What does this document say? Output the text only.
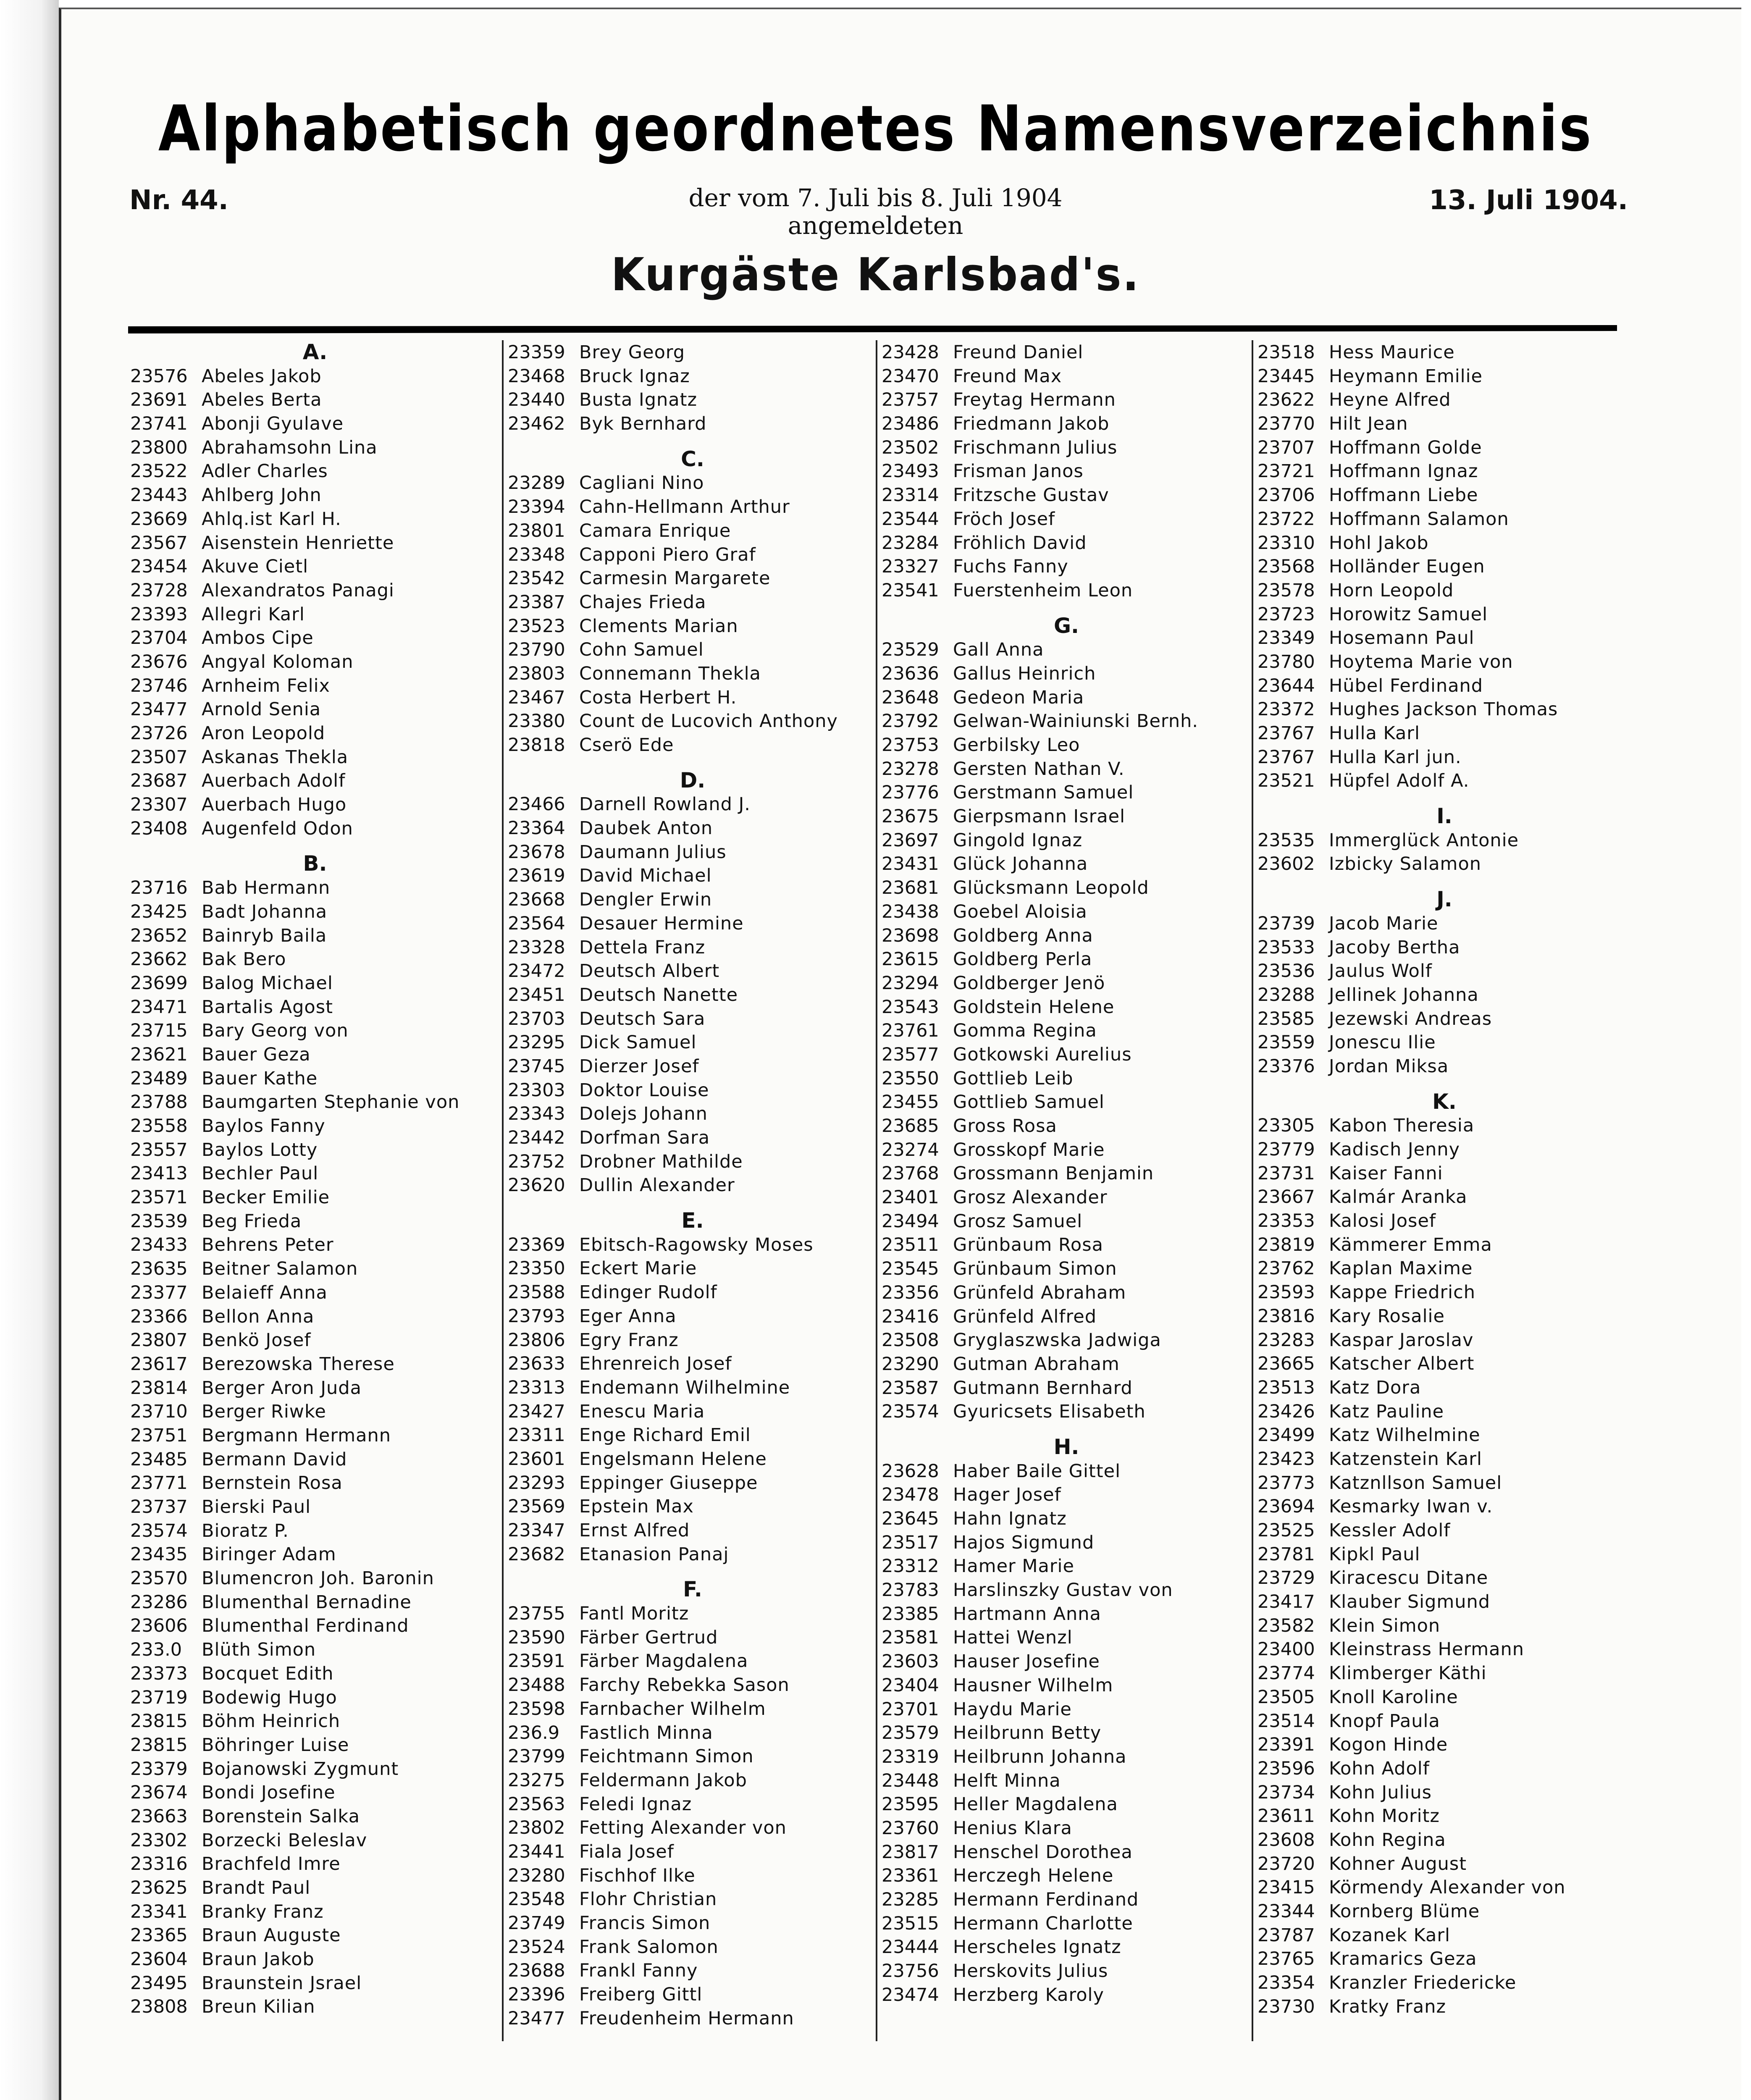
Alphabetisch geordnetes Namensverzeichnis
Nr. 44.	der vom 7. Juli bis 8. Juli 1904
angemeldeten
13. Juli 1904.
Kurgäste Karlsbad's.
A.
23576 Abeles Jakob
23691 Abeles Berta
23741 Abonji Gyulave
23800 Abrahamsohn Lina
23522 Adler Charles
23443 Ahlberg John
23669 Ahlq.ist Karl H.
23567 Aisenstein Henriette
23454 Akuve Cietl
23728 Alexandratos Panagi
23393 Allegri Karl
23704 Ambos Cipe
23676 Angyal Koloman
23746 Arnheim Felix
23477 Arnold Senia
23726 Aron Leopold
23507 Askanas Thekla
23687 Auerbach Adolf
23307 Auerbach Hugo
23408 Augenfeld Odon
B.
23716 Bab Hermann
23425 Badt Johanna
23652 Bainryb Baila
23662 Bak Bero
23699 Balog Michael
23471 Bartalis Agost
23715 Bary Georg von
23621 Bauer Geza
23489 Bauer Kathe
23788 Baumgarten Stephanie von
23558 Baylos Fanny
23557 Baylos Lotty
23413 Bechler Paul
23571 Becker Emilie
23539 Beg Frieda
23433 Behrens Peter
23635 Beitner Salamon
23377 Belaieff Anna
23366 Bellon Anna
23807 Benkö Josef
23617 Berezowska Therese
23814 Berger Aron Juda
23710 Berger Riwke
23751 Bergmann Hermann
23485 Bermann David
23771 Bernstein Rosa
23737 Bierski Paul
23574 Bioratz P.
23435 Biringer Adam
23570 Blumencron Joh. Baronin
23286 Blumenthal Bernadine
23606 Blumenthal Ferdinand
233.0 Blüth Simon
23373 Bocquet Edith
23719 Bodewig Hugo
23815 Böhm Heinrich
23815 Böhringer Luise
23379 Bojanowski Zygmunt
23674 Bondi Josefine
23663 Borenstein Salka
23302 Borzecki Beleslav
23316 Brachfeld Imre
23625 Brandt Paul
23341 Branky Franz
23365 Braun Auguste
23604 Braun Jakob
23495 Braunstein Jsrael
23808 Breun Kilian
23359 Brey Georg
23468 Bruck Ignaz
23440 Busta Ignatz
23462 Byk Bernhard
C.
23289 Cagliani Nino
23394 Cahn-Hellmann Arthur
23801 Camara Enrique
23348 Capponi Piero Graf
23542 Carmesin Margarete
23387 Chajes Frieda
23523 Clements Marian
23790 Cohn Samuel
23803 Connemann Thekla
23467 Costa Herbert H.
23380 Count de Lucovich Anthony
23818 Cserö Ede
D.
23466 Darnell Rowland J.
23364 Daubek Anton
23678 Daumann Julius
23619 David Michael
23668 Dengler Erwin
23564 Desauer Hermine
23328 Dettela Franz
23472 Deutsch Albert
23451 Deutsch Nanette
23703 Deutsch Sara
23295 Dick Samuel
23745 Dierzer Josef
23303 Doktor Louise
23343 Dolejs Johann
23442 Dorfman Sara
23752 Drobner Mathilde
23620 Dullin Alexander
E.
23369 Ebitsch-Ragowsky Moses
23350 Eckert Marie
23588 Edinger Rudolf
23793 Eger Anna
23806 Egry Franz
23633 Ehrenreich Josef
23313 Endemann Wilhelmine
23427 Enescu Maria
23311 Enge Richard Emil
23601 Engelsmann Helene
23293 Eppinger Giuseppe
23569 Epstein Max
23347 Ernst Alfred
23682 Etanasion Panaj
F.
23755 Fantl Moritz
23590 Färber Gertrud
23591 Färber Magdalena
23488 Farchy Rebekka Sason
23598 Farnbacher Wilhelm
236.9 Fastlich Minna
23799 Feichtmann Simon
23275 Feldermann Jakob
23563 Feledi Ignaz
23802 Fetting Alexander von
23441 Fiala Josef
23280 Fischhof Ilke
23548 Flohr Christian
23749 Francis Simon
23524 Frank Salomon
23688 Frankl Fanny
23396 Freiberg Gittl
23477 Freudenheim Hermann
23428 Freund Daniel
23470 Freund Max
23757 Freytag Hermann
23486 Friedmann Jakob
23502 Frischmann Julius
23493 Frisman Janos
23314 Fritzsche Gustav
23544 Fröch Josef
23284 Fröhlich David
23327 Fuchs Fanny
23541 Fuerstenheim Leon
G.
23529 Gall Anna
23636 Gallus Heinrich
23648 Gedeon Maria
23792 Gelwan-Wainiunski Bernh.
23753 Gerbilsky Leo
23278 Gersten Nathan V.
23776 Gerstmann Samuel
23675 Gierpsmann Israel
23697 Gingold Ignaz
23431 Glück Johanna
23681 Glücksmann Leopold
23438 Goebel Aloisia
23698 Goldberg Anna
23615 Goldberg Perla
23294 Goldberger Jenö
23543 Goldstein Helene
23761 Gomma Regina
23577 Gotkowski Aurelius
23550 Gottlieb Leib
23455 Gottlieb Samuel
23685 Gross Rosa
23274 Grosskopf Marie
23768 Grossmann Benjamin
23401 Grosz Alexander
23494 Grosz Samuel
23511 Grünbaum Rosa
23545 Grünbaum Simon
23356 Grünfeld Abraham
23416 Grünfeld Alfred
23508 Gryglaszwska Jadwiga
23290 Gutman Abraham
23587 Gutmann Bernhard
23574 Gyuricsets Elisabeth
H.
23628 Haber Baile Gittel
23478 Hager Josef
23645 Hahn Ignatz
23517 Hajos Sigmund
23312 Hamer Marie
23783 Harslinszky Gustav von
23385 Hartmann Anna
23581 Hattei Wenzl
23603 Hauser Josefine
23404 Hausner Wilhelm
23701 Haydu Marie
23579 Heilbrunn Betty
23319 Heilbrunn Johanna
23448 Helft Minna
23595 Heller Magdalena
23760 Henius Klara
23817 Henschel Dorothea
23361 Herczegh Helene
23285 Hermann Ferdinand
23515 Hermann Charlotte
23444 Herscheles Ignatz
23756 Herskovits Julius
23474 Herzberg Karoly
23518 Hess Maurice
23445 Heymann Emilie
23622 Heyne Alfred
23770 Hilt Jean
23707 Hoffmann Golde
23721 Hoffmann Ignaz
23706 Hoffmann Liebe
23722 Hoffmann Salamon
23310 Hohl Jakob
23568 Holländer Eugen
23578 Horn Leopold
23723 Horowitz Samuel
23349 Hosemann Paul
23780 Hoytema Marie von
23644 Hübel Ferdinand
23372 Hughes Jackson Thomas
23767 Hulla Karl
23767 Hulla Karl jun.
23521 Hüpfel Adolf A.
I.
23535 Immerglück Antonie
23602 Izbicky Salamon
J.
23739 Jacob Marie
23533 Jacoby Bertha
23536 Jaulus Wolf
23288 Jellinek Johanna
23585 Jezewski Andreas
23559 Jonescu Ilie
23376 Jordan Miksa
K.
23305 Kabon Theresia
23779 Kadisch Jenny
23731 Kaiser Fanni
23667 Kalmár Aranka
23353 Kalosi Josef
23819 Kämmerer Emma
23762 Kaplan Maxime
23593 Kappe Friedrich
23816 Kary Rosalie
23283 Kaspar Jaroslav
23665 Katscher Albert
23513 Katz Dora
23426 Katz Pauline
23499 Katz Wilhelmine
23423 Katzenstein Karl
23773 Katznllson Samuel
23694 Kesmarky Iwan v.
23525 Kessler Adolf
23781 Kipkl Paul
23729 Kiracescu Ditane
23417 Klauber Sigmund
23582 Klein Simon
23400 Kleinstrass Hermann
23774 Klimberger Käthi
23505 Knoll Karoline
23514 Knopf Paula
23391 Kogon Hinde
23596 Kohn Adolf
23734 Kohn Julius
23611 Kohn Moritz
23608 Kohn Regina
23720 Kohner August
23415 Körmendy Alexander von
23344 Kornberg Blüme
23787 Kozanek Karl
23765 Kramarics Geza
23354 Kranzler Friedericke
23730 Kratky Franz
